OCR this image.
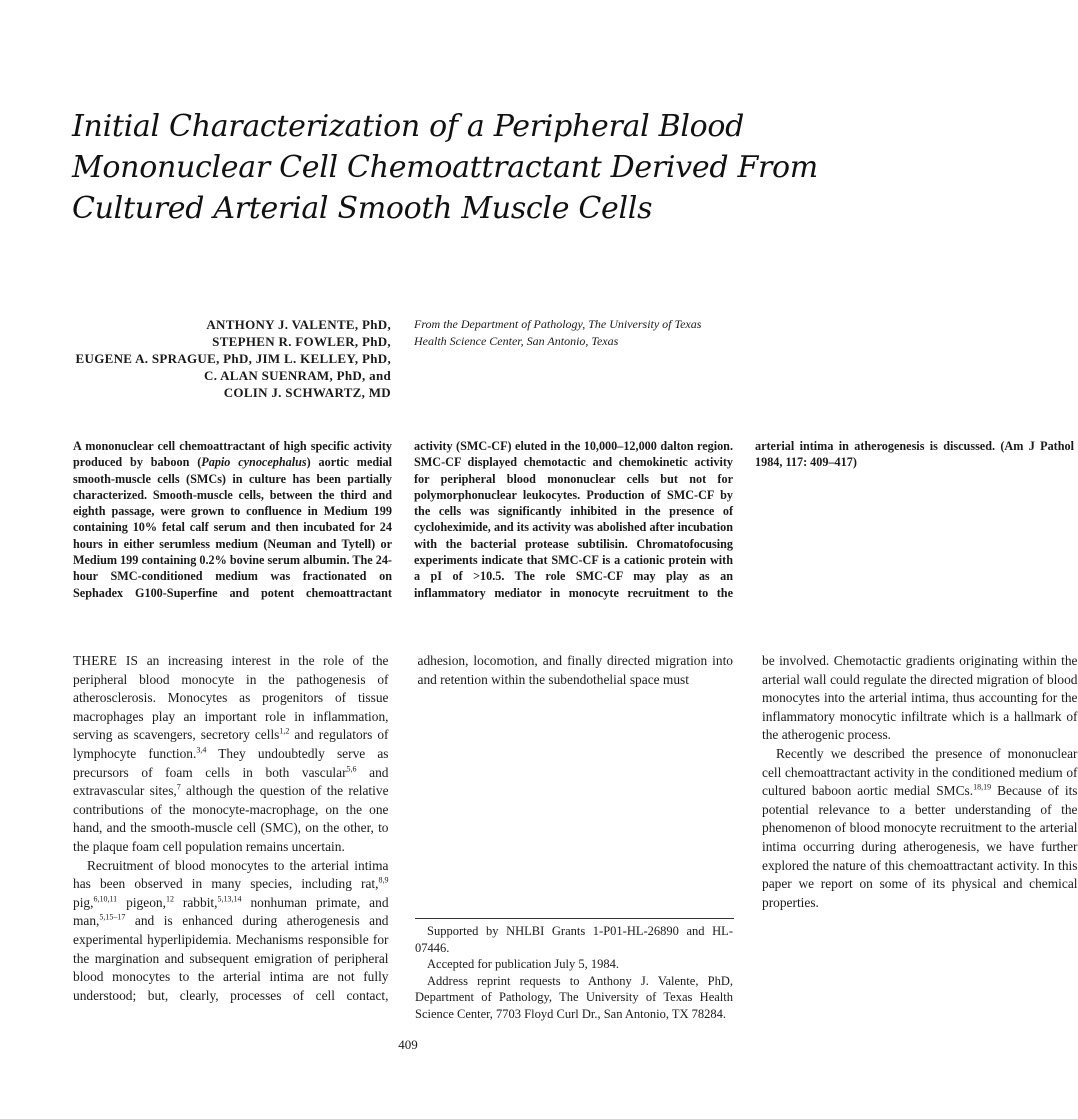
Initial Characterization of a Peripheral Blood
Mononuclear Cell Chemoattractant Derived From
Cultured Arterial Smooth Muscle Cells
ANTHONY J. VALENTE, PhD,
STEPHEN R. FOWLER, PhD,
EUGENE A. SPRAGUE, PhD, JIM L. KELLEY, PhD,
C. ALAN SUENRAM, PhD, and
COLIN J. SCHWARTZ, MD
From the Department of Pathology, The University of Texas
Health Science Center, San Antonio, Texas

A mononuclear cell chemoattractant of high specific activity produced by baboon (Papio cynocephalus) aortic medial smooth-muscle cells (SMCs) in culture has been partially characterized. Smooth-muscle cells, between the third and eighth passage, were grown to confluence in Medium 199 containing 10% fetal calf serum and then incubated for 24 hours in either serumless medium (Neuman and Tytell) or Medium 199 containing 0.2% bovine serum albumin. The 24-hour SMC-conditioned medium was fractionated on Sephadex G100-Superfine and potent chemoattractant activity (SMC-CF) eluted in the 10,000–12,000 dalton region. SMC-CF displayed chemotactic and chemokinetic activity for peripheral blood mononuclear cells but not for polymorphonuclear leukocytes. Production of SMC-CF by the cells was significantly inhibited in the presence of cycloheximide, and its activity was abolished after incubation with the bacterial protease subtilisin. Chromatofocusing experiments indicate that SMC-CF is a cationic protein with a pI of >10.5. The role SMC-CF may play as an inflammatory mediator in monocyte recruitment to the arterial intima in atherogenesis is discussed. (Am J Pathol 1984, 117: 409–417)

THERE IS an increasing interest in the role of the peripheral blood monocyte in the pathogenesis of atherosclerosis. Monocytes as progenitors of tissue macrophages play an important role in inflammation, serving as scavengers, secretory cells$^{1,2}$ and regulators of lymphocyte function.$^{3,4}$ They undoubtedly serve as precursors of foam cells in both vascular$^{5,6}$ and extravascular sites,$^7$ although the question of the relative contributions of the monocyte-macrophage, on the one hand, and the smooth-muscle cell (SMC), on the other, to the plaque foam cell population remains uncertain.

Recruitment of blood monocytes to the arterial intima has been observed in many species, including rat,$^{8,9}$ pig,$^{6,10,11}$ pigeon,$^{12}$ rabbit,$^{5,13,14}$ nonhuman primate, and man,$^{5,15-17}$ and is enhanced during atherogenesis and experimental hyperlipidemia. Mechanisms responsible for the margination and subsequent emigration of peripheral blood monocytes to the arterial intima are not fully understood; but, clearly, processes of cell contact, adhesion, locomotion, and finally directed migration into and retention within the subendothelial space must

be involved. Chemotactic gradients originating within the arterial wall could regulate the directed migration of blood monocytes into the arterial intima, thus accounting for the inflammatory monocytic infiltrate which is a hallmark of the atherogenic process.

Recently we described the presence of mononuclear cell chemoattractant activity in the conditioned medium of cultured baboon aortic medial SMCs.$^{18,19}$ Because of its potential relevance to a better understanding of the phenomenon of blood monocyte recruitment to the arterial intima occurring during atherogenesis, we have further explored the nature of this chemoattractant activity. In this paper we report on some of its physical and chemical properties.

Supported by NHLBI Grants 1-P01-HL-26890 and HL-07446.

Accepted for publication July 5, 1984.

Address reprint requests to Anthony J. Valente, PhD, Department of Pathology, The University of Texas Health Science Center, 7703 Floyd Curl Dr., San Antonio, TX 78284.

409
